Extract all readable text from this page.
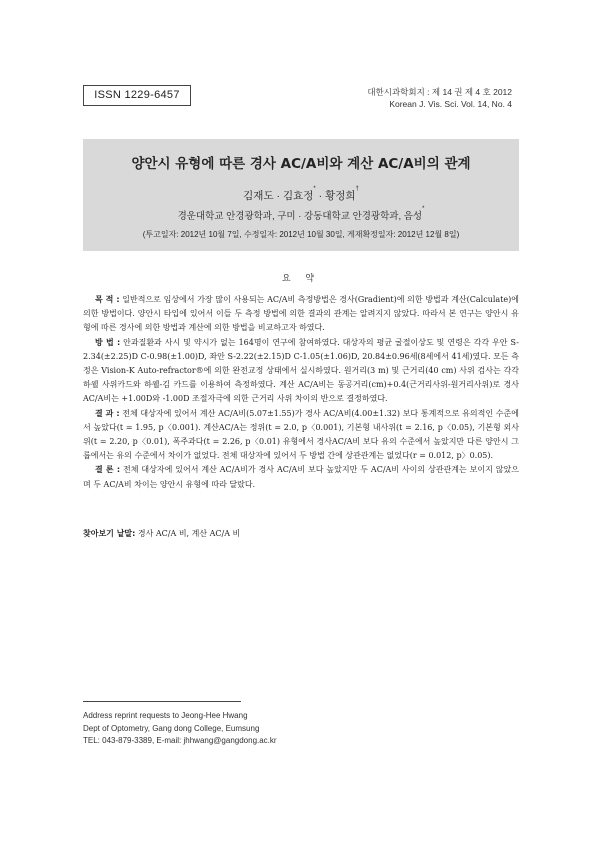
ISSN 1229-6457	대한시과학회지 : 제 14 권 제 4 호 2012
Korean J. Vis. Sci. Vol. 14, No. 4
양안시 유형에 따른 경사 AC/A비와 계산 AC/A비의 관계
김재도 · 김효정* · 황정희†
경운대학교 안경광학과, 구미 · 강동대학교 안경광학과, 음성*
(투고일자: 2012년 10월 7일, 수정일자: 2012년 10월 30일, 게재확정일자: 2012년 12월 8일)
요 약

목 적 : 일반적으로 임상에서 가장 많이 사용되는 AC/A비 측정방법은 경사(Gradient)에 의한 방법과 계산(Calculate)에 의한 방법이다. 양안시 타입에 있어서 이들 두 측정 방법에 의한 결과의 관계는 알려지지 않았다. 따라서 본 연구는 양안시 유형에 따른 경사에 의한 방법과 계산에 의한 방법을 비교하고자 하였다.

방 법 : 안과질환과 사시 및 약시가 없는 164명이 연구에 참여하였다. 대상자의 평균 굴절이상도 및 연령은 각각 우안 S-2.34(±2.25)D C-0.98(±1.00)D, 좌안 S-2.22(±2.15)D C-1.05(±1.06)D, 20.84±0.96세(8세에서 41세)였다. 모든 측정은 Vision-K Auto-refractor®에 의한 완전교정 상태에서 실시하였다. 원거리(3 m) 및 근거리(40 cm) 사위 검사는 각각 하웰 사위카드와 하웰-김 카드를 이용하여 측정하였다. 계산 AC/A비는 동공거리(cm)+0.4(근거리사위-원거리사위)로 경사 AC/A비는 +1.00D와 -1.00D 조절자극에 의한 근거리 사위 차이의 반으로 결정하였다.

결 과 : 전체 대상자에 있어서 계산 AC/A비(5.07±1.55)가 경사 AC/A비(4.00±1.32) 보다 통계적으로 유의적인 수준에서 높았다(t = 1.95, p〈0.001). 계산AC/A는 정위(t = 2.0, p〈0.001), 기본형 내사위(t = 2.16, p〈0.05), 기본형 외사위(t = 2.20, p〈0.01), 폭주과다(t = 2.26, p〈0.01) 유형에서 경사AC/A비 보다 유의 수준에서 높았지만 다른 양안시 그룹에서는 유의 수준에서 차이가 없었다. 전체 대상자에 있어서 두 방법 간에 상관관계는 없었다(r = 0.012, p〉0.05).

결 론 : 전체 대상자에 있어서 계산 AC/A비가 경사 AC/A비 보다 높았지만 두 AC/A비 사이의 상관관계는 보이지 않았으며 두 AC/A비 차이는 양안시 유형에 따라 달랐다.

찾아보기 낱말: 경사 AC/A 비, 계산 AC/A 비
Address reprint requests to Jeong-Hee Hwang
Dept of Optometry, Gang dong College, Eumsung
TEL: 043-879-3389, E-mail: jhhwang@gangdong.ac.kr
